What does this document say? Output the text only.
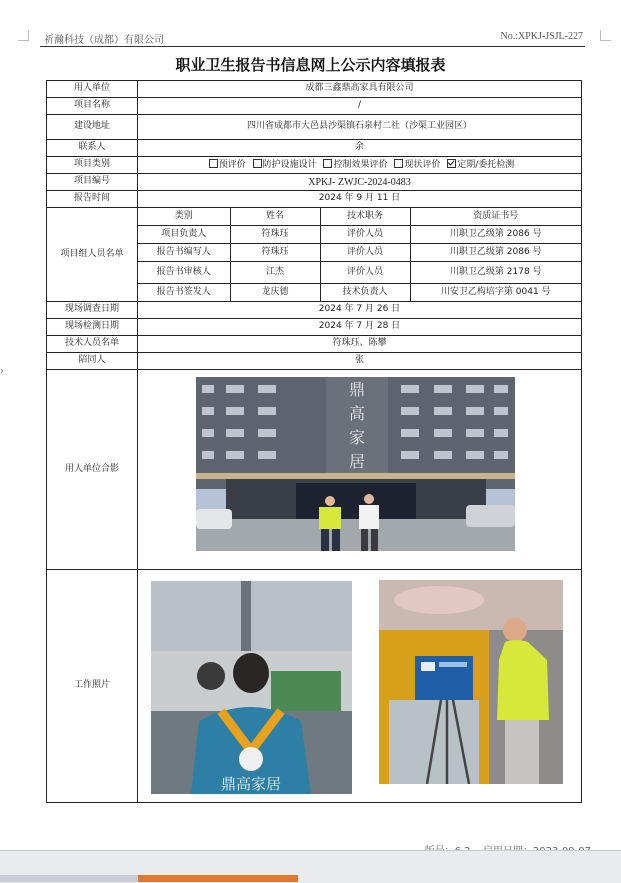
祈瀚科技（成都）有限公司	No.:XPKJ-JSJL-227
职业卫生报告书信息网上公示内容填报表
›
用人单位	成都三鑫鼎高家具有限公司
项目名称	/
建设地址	四川省成都市大邑县沙渠镇石泉村二社（沙渠工业园区）
联系人	余
项目类别	预评价 防护设施设计 控制效果评价 现状评价 定期/委托检测
项目编号	XPKJ- ZWJC-2024-0483
报告时间	2024 年 9 月 11 日
项目组人员名单	
类别	姓名	技术职务	资质证书号
项目负责人	符珠珏	评价人员	川职卫乙级第 2086 号
报告书编写人	符珠珏	评价人员	川职卫乙级第 2086 号
报告书审核人	江杰	评价人员	川职卫乙级第 2178 号
报告书签发人	龙庆德	技术负责人	川安卫乙构培字第 0041 号

现场调查日期	2024 年 7 月 26 日
现场检测日期	2024 年 7 月 28 日
技术人员名单	符珠珏、陈攀
陪同人	张
用人单位合影	
工作照片	
鼎
高
家
居
鼎高家居
